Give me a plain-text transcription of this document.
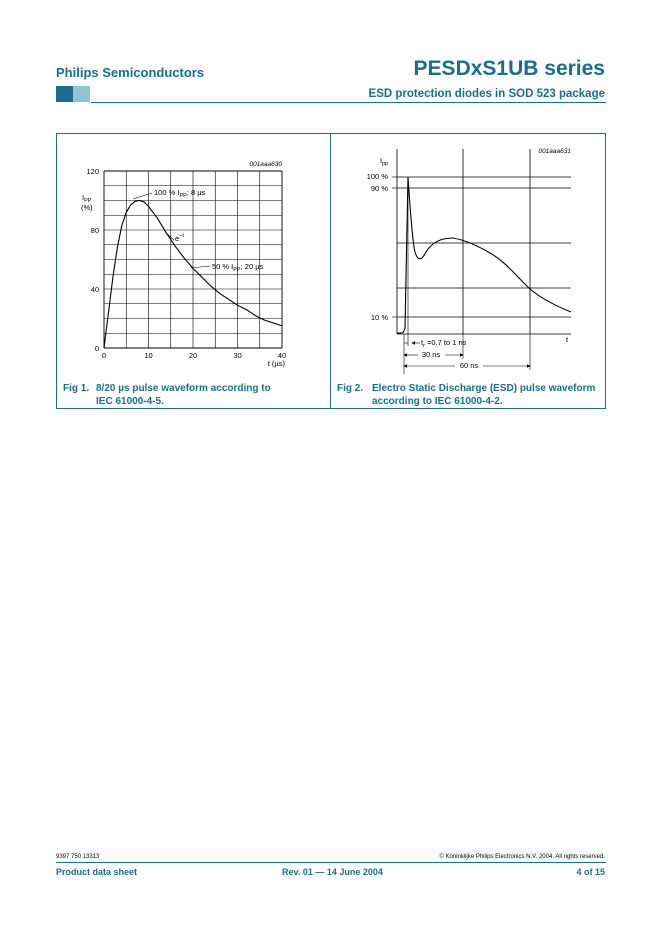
Philips Semiconductors	PESDxS1UB series
ESD protection diodes in SOD 523 package
0	10	20	30	40
0
40
80
120
001aaa630
$I_{PP}$
(%)
t (µs)
100 % $I_{PP}$; 8 µs
$e^{-t}$
50 % $I_{PP}$; 20 µs
001aaa631
$I_{pp}$
100 %
90 %
10 %
t
$t_r =0.7$ to 1 ns
30 ns
60 ns
Fig 1. 8/20 µs pulse waveform according to
IEC 61000-4-5.
Fig 2. Electro Static Discharge (ESD) pulse waveform
according to IEC 61000-4-2.
9397 750 13313	© Koninklijke Philips Electronics N.V. 2004. All rights reserved.
Product data sheet	Rev. 01 — 14 June 2004	4 of 15
